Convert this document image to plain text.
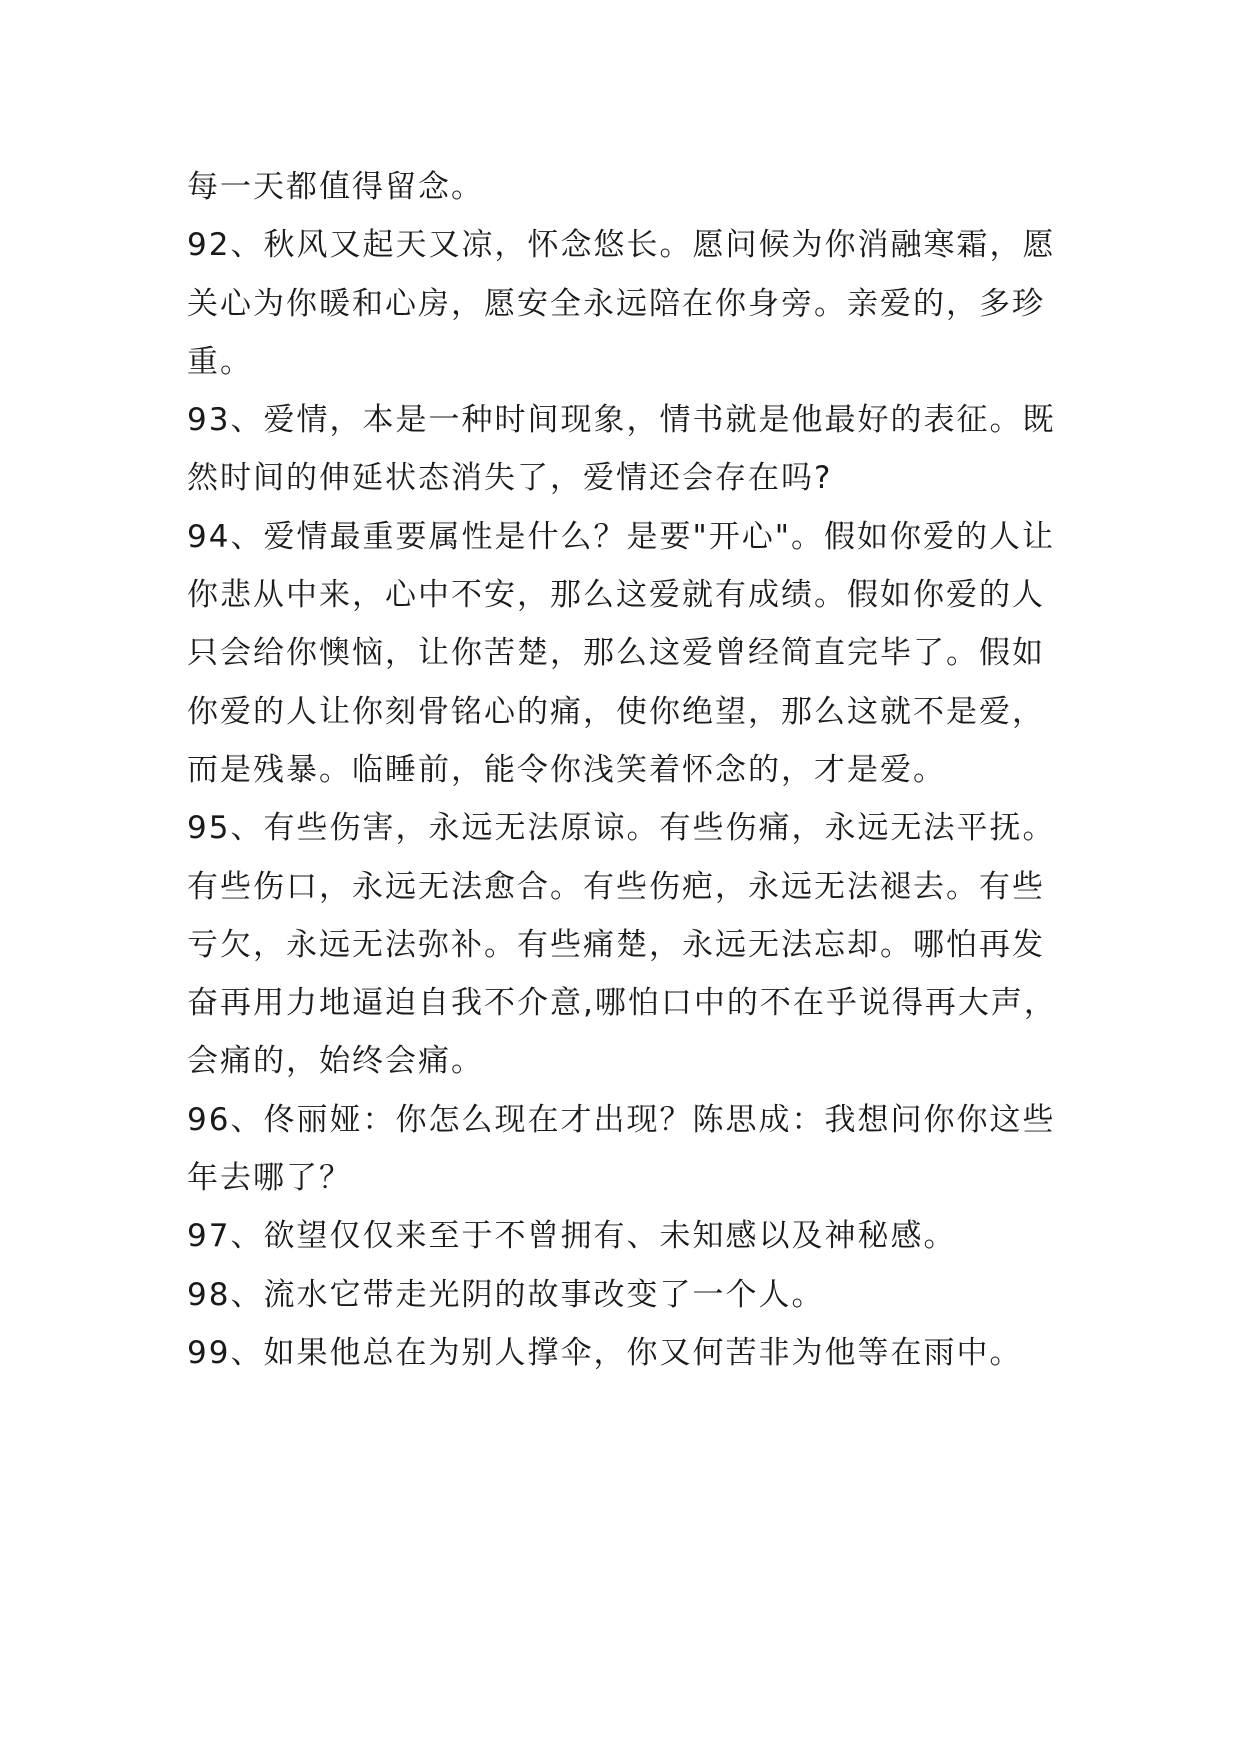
每一天都值得留念。
92、秋风又起天又凉，怀念悠长。愿问候为你消融寒霜，愿
关心为你暖和心房，愿安全永远陪在你身旁。亲爱的，多珍
重。
93、爱情，本是一种时间现象，情书就是他最好的表征。既
然时间的伸延状态消失了，爱情还会存在吗?
94、爱情最重要属性是什么？是要"开心"。假如你爱的人让
你悲从中来，心中不安，那么这爱就有成绩。假如你爱的人
只会给你懊恼，让你苦楚，那么这爱曾经简直完毕了。假如
你爱的人让你刻骨铭心的痛，使你绝望，那么这就不是爱，
而是残暴。临睡前，能令你浅笑着怀念的，才是爱。
95、有些伤害，永远无法原谅。有些伤痛，永远无法平抚。
有些伤口，永远无法愈合。有些伤疤，永远无法褪去。有些
亏欠，永远无法弥补。有些痛楚，永远无法忘却。哪怕再发
奋再用力地逼迫自我不介意,哪怕口中的不在乎说得再大声，
会痛的，始终会痛。
96、佟丽娅：你怎么现在才出现？陈思成：我想问你你这些
年去哪了？
97、欲望仅仅来至于不曾拥有、未知感以及神秘感。
98、流水它带走光阴的故事改变了一个人。
99、如果他总在为别人撑伞，你又何苦非为他等在雨中。
